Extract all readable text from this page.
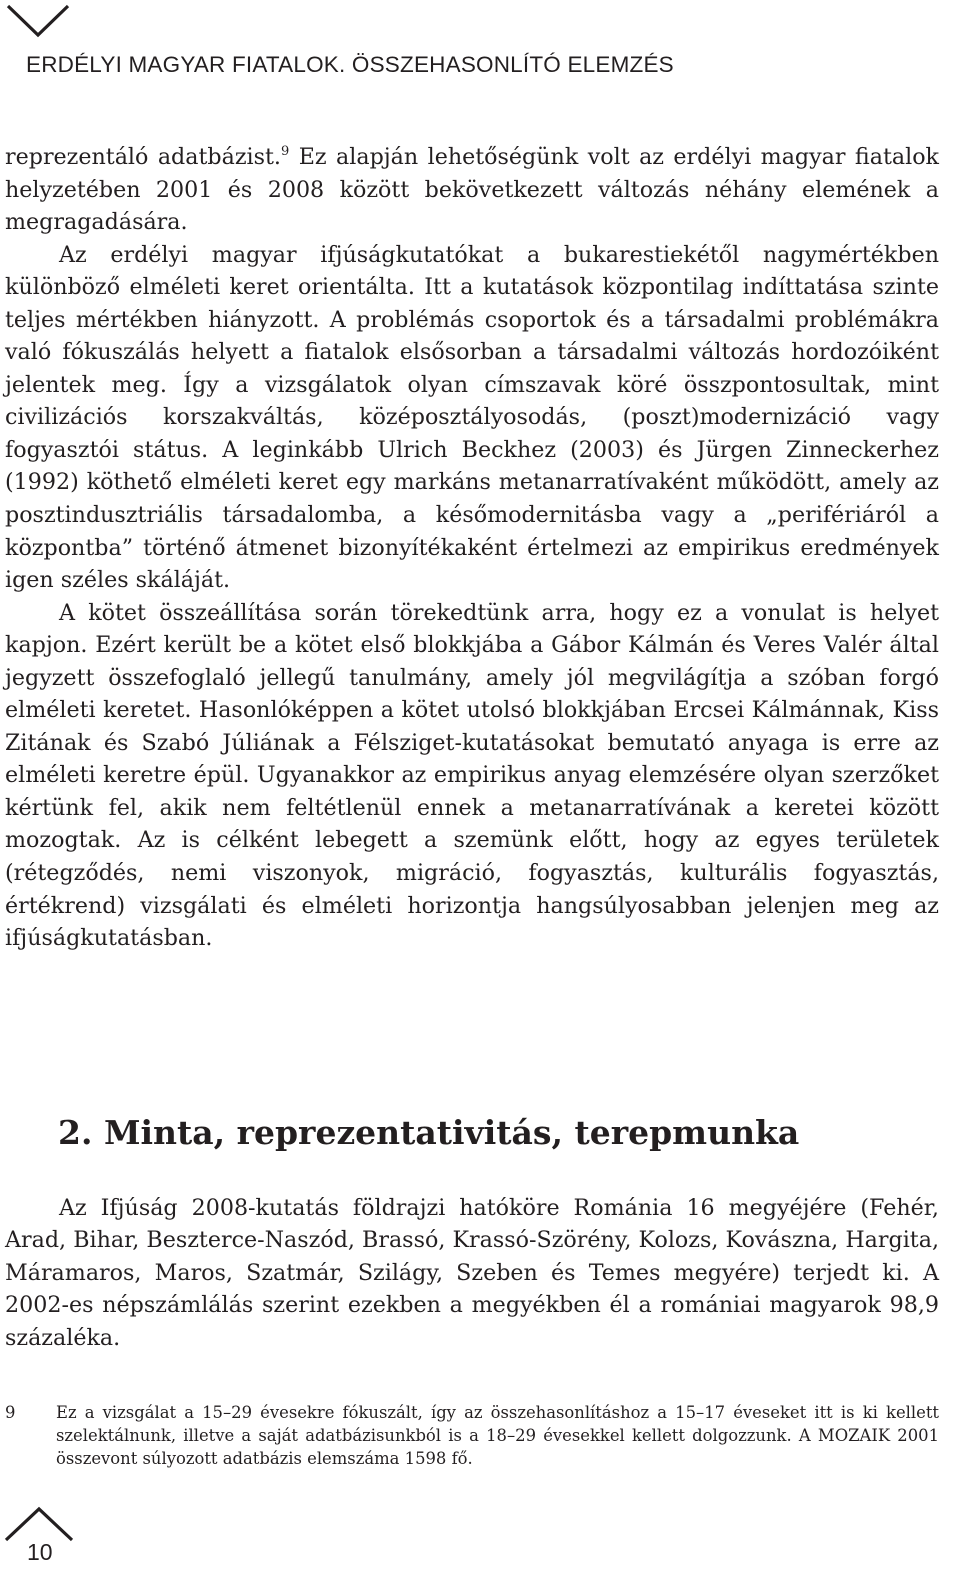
ERDÉLYI MAGYAR FIATALOK. ÖSSZEHASONLÍTÓ ELEMZÉS

reprezentáló adatbázist.$^9$ Ez alapján lehetőségünk volt az erdélyi magyar fiatalok helyzetében 2001 és 2008 között bekövetkezett változás néhány elemének a megragadására.

Az erdélyi magyar ifjúságkutatókat a bukarestiekétől nagymértékben különböző elméleti keret orientálta. Itt a kutatások központilag indíttatása szinte teljes mértékben hiányzott. A problémás csoportok és a társadalmi problémákra való fókuszálás helyett a fiatalok elsősorban a társadalmi változás hordozóiként jelentek meg. Így a vizsgálatok olyan címszavak köré összpontosultak, mint civilizációs korszakváltás, középosztályosodás, (poszt)modernizáció vagy fogyasztói státus. A leginkább Ulrich Beckhez (2003) és Jürgen Zinneckerhez (1992) köthető elméleti keret egy markáns metanarratívaként működött, amely az posztindusztriális társadalomba, a későmodernitásba vagy a „perifériáról a központba” történő átmenet bizonyítékaként értelmezi az empirikus eredmények igen széles skáláját.

A kötet összeállítása során törekedtünk arra, hogy ez a vonulat is helyet kapjon. Ezért került be a kötet első blokkjába a Gábor Kálmán és Veres Valér által jegyzett összefoglaló jellegű tanulmány, amely jól megvilágítja a szóban forgó elméleti keretet. Hasonlóképpen a kötet utolsó blokkjában Ercsei Kálmánnak, Kiss Zitának és Szabó Júliának a Félsziget-kutatásokat bemutató anyaga is erre az elméleti keretre épül. Ugyanakkor az empirikus anyag elemzésére olyan szerzőket kértünk fel, akik nem feltétlenül ennek a metanarratívának a keretei között mozogtak. Az is célként lebegett a szemünk előtt, hogy az egyes területek (rétegződés, nemi viszonyok, migráció, fogyasztás, kulturális fogyasztás, értékrend) vizsgálati és elméleti horizontja hangsúlyosabban jelenjen meg az ifjúságkutatásban.

2. Minta, reprezentativitás, terepmunka

Az Ifjúság 2008-kutatás földrajzi hatóköre Románia 16 megyéjére (Fehér, Arad, Bihar, Beszterce-Naszód, Brassó, Krassó-Szörény, Kolozs, Kovászna, Hargita, Máramaros, Maros, Szatmár, Szilágy, Szeben és Temes megyére) terjedt ki. A 2002-es népszámlálás szerint ezekben a megyékben él a romániai magyarok 98,9 százaléka.

9	Ez a vizsgálat a 15–29 évesekre fókuszált, így az összehasonlításhoz a 15–17 éveseket itt is ki kellett szelektálnunk, illetve a saját adatbázisunkból is a 18–29 évesekkel kellett dolgozzunk. A MOZAIK 2001 összevont súlyozott adatbázis elemszáma 1598 fő.
10
